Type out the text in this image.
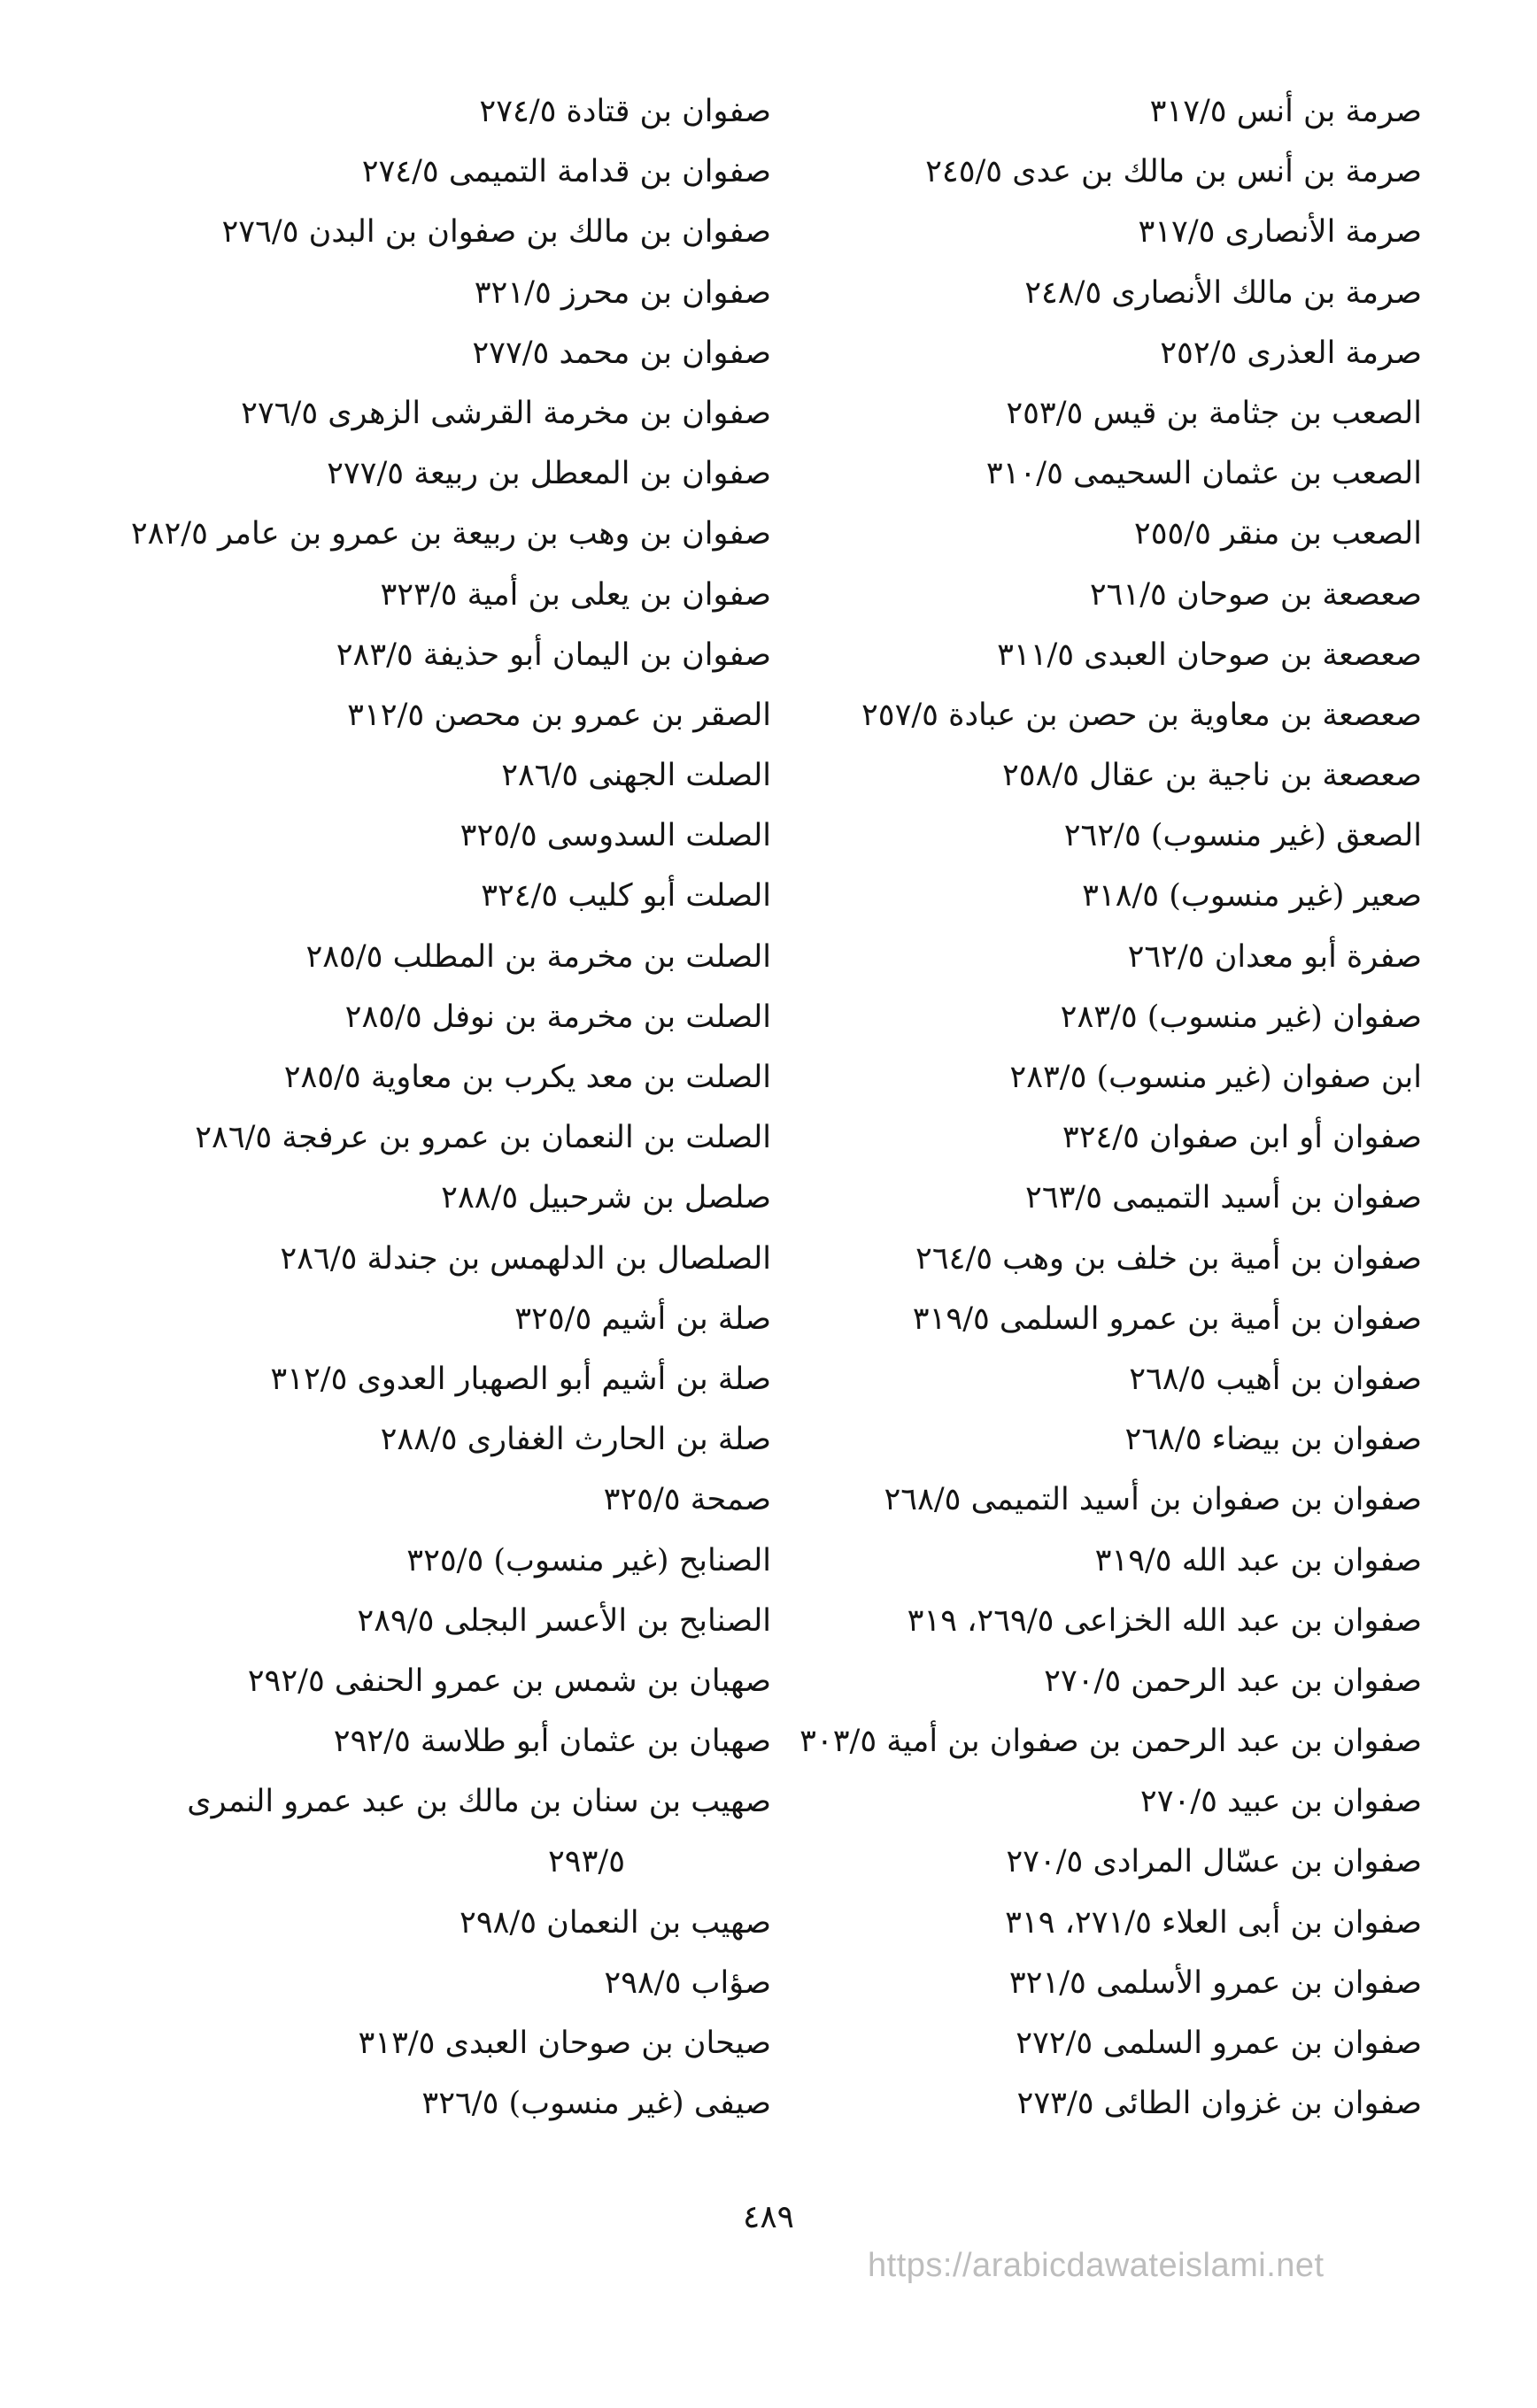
صرمة بن أنس ٣١٧/٥
صرمة بن أنس بن مالك بن عدى ٢٤٥/٥
صرمة الأنصارى ٣١٧/٥
صرمة بن مالك الأنصارى ٢٤٨/٥
صرمة العذرى ٢٥٢/٥
الصعب بن جثامة بن قيس ٢٥٣/٥
الصعب بن عثمان السحيمى ٣١٠/٥
الصعب بن منقر ٢٥٥/٥
صعصعة بن صوحان ٢٦١/٥
صعصعة بن صوحان العبدى ٣١١/٥
صعصعة بن معاوية بن حصن بن عبادة ٢٥٧/٥
صعصعة بن ناجية بن عقال ٢٥٨/٥
الصعق (غير منسوب) ٢٦٢/٥
صعير (غير منسوب) ٣١٨/٥
صفرة أبو معدان ٢٦٢/٥
صفوان (غير منسوب) ٢٨٣/٥
ابن صفوان (غير منسوب) ٢٨٣/٥
صفوان أو ابن صفوان ٣٢٤/٥
صفوان بن أسيد التميمى ٢٦٣/٥
صفوان بن أمية بن خلف بن وهب ٢٦٤/٥
صفوان بن أمية بن عمرو السلمى ٣١٩/٥
صفوان بن أهيب ٢٦٨/٥
صفوان بن بيضاء ٢٦٨/٥
صفوان بن صفوان بن أسيد التميمى ٢٦٨/٥
صفوان بن عبد الله ٣١٩/٥
صفوان بن عبد الله الخزاعى ٢٦٩/٥، ٣١٩
صفوان بن عبد الرحمن ٢٧٠/٥
صفوان بن عبد الرحمن بن صفوان بن أمية ٣٠٣/٥
صفوان بن عبيد ٢٧٠/٥
صفوان بن عسّال المرادى ٢٧٠/٥
صفوان بن أبى العلاء ٢٧١/٥، ٣١٩
صفوان بن عمرو الأسلمى ٣٢١/٥
صفوان بن عمرو السلمى ٢٧٢/٥
صفوان بن غزوان الطائى ٢٧٣/٥
صفوان بن قتادة ٢٧٤/٥
صفوان بن قدامة التميمى ٢٧٤/٥
صفوان بن مالك بن صفوان بن البدن ٢٧٦/٥
صفوان بن محرز ٣٢١/٥
صفوان بن محمد ٢٧٧/٥
صفوان بن مخرمة القرشى الزهرى ٢٧٦/٥
صفوان بن المعطل بن ربيعة ٢٧٧/٥
صفوان بن وهب بن ربيعة بن عمرو بن عامر ٢٨٢/٥
صفوان بن يعلى بن أمية ٣٢٣/٥
صفوان بن اليمان أبو حذيفة ٢٨٣/٥
الصقر بن عمرو بن محصن ٣١٢/٥
الصلت الجهنى ٢٨٦/٥
الصلت السدوسى ٣٢٥/٥
الصلت أبو كليب ٣٢٤/٥
الصلت بن مخرمة بن المطلب ٢٨٥/٥
الصلت بن مخرمة بن نوفل ٢٨٥/٥
الصلت بن معد يكرب بن معاوية ٢٨٥/٥
الصلت بن النعمان بن عمرو بن عرفجة ٢٨٦/٥
صلصل بن شرحبيل ٢٨٨/٥
الصلصال بن الدلهمس بن جندلة ٢٨٦/٥
صلة بن أشيم ٣٢٥/٥
صلة بن أشيم أبو الصهبار العدوى ٣١٢/٥
صلة بن الحارث الغفارى ٢٨٨/٥
صمحة ٣٢٥/٥
الصنابح (غير منسوب) ٣٢٥/٥
الصنابح بن الأعسر البجلى ٢٨٩/٥
صهبان بن شمس بن عمرو الحنفى ٢٩٢/٥
صهبان بن عثمان أبو طلاسة ٢٩٢/٥
صهيب بن سنان بن مالك بن عبد عمرو النمرى
٢٩٣/٥
صهيب بن النعمان ٢٩٨/٥
صؤاب ٢٩٨/٥
صيحان بن صوحان العبدى ٣١٣/٥
صيفى (غير منسوب) ٣٢٦/٥
٤٨٩
https://arabicdawateislami.net
